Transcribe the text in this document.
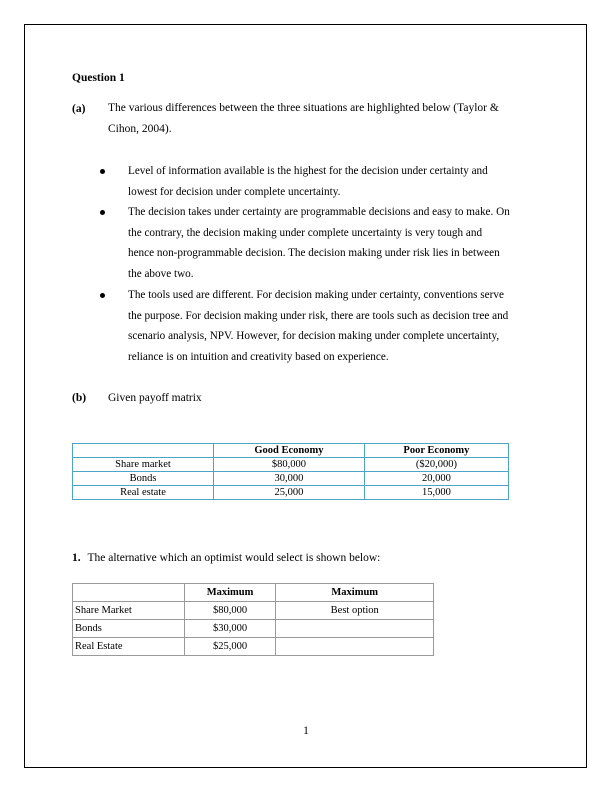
Question 1
(a) The various differences between the three situations are highlighted below (Taylor &
Cihon, 2004).
Level of information available is the highest for the decision under certainty and
lowest for decision under complete uncertainty.
The decision takes under certainty are programmable decisions and easy to make. On
the contrary, the decision making under complete uncertainty is very tough and
hence non-programmable decision. The decision making under risk lies in between
the above two.
The tools used are different. For decision making under certainty, conventions serve
the purpose. For decision making under risk, there are tools such as decision tree and
scenario analysis, NPV. However, for decision making under complete uncertainty,
reliance is on intuition and creativity based on experience.
(b) Given payoff matrix
	Good Economy	Poor Economy
Share market	$80,000	($20,000)
Bonds	30,000	20,000
Real estate	25,000	15,000
1. The alternative which an optimist would select is shown below:
	Maximum	Maximum
Share Market	$80,000	Best option
Bonds	$30,000	
Real Estate	$25,000	
1
